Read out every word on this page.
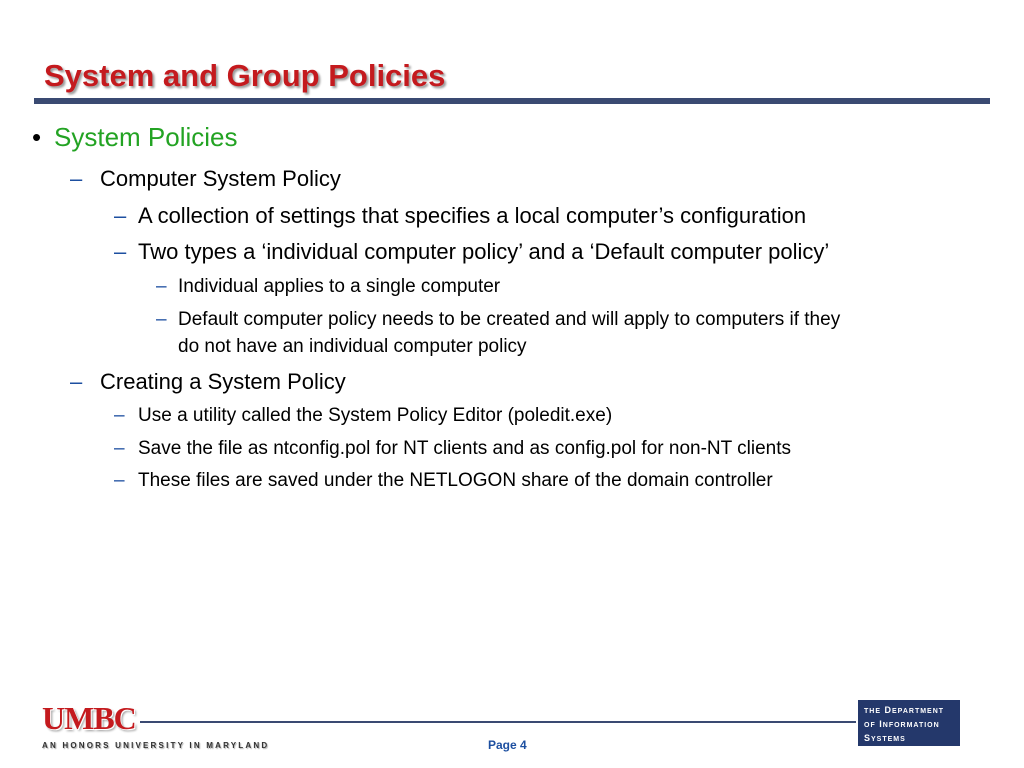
System and Group Policies
• System Policies
– Computer System Policy
– A collection of settings that specifies a local computer’s configuration
– Two types a ‘individual computer policy’ and a ‘Default computer policy’
– Individual applies to a single computer
– Default computer policy needs to be created and will apply to computers if they
do not have an individual computer policy
– Creating a System Policy
– Use a utility called the System Policy Editor (poledit.exe)
– Save the file as ntconfig.pol for NT clients and as config.pol for non-NT clients
– These files are saved under the NETLOGON share of the domain controller
UMBC
AN HONORS UNIVERSITY IN MARYLAND	Page 4
THE DEPARTMENT
OF INFORMATION
SYSTEMS
